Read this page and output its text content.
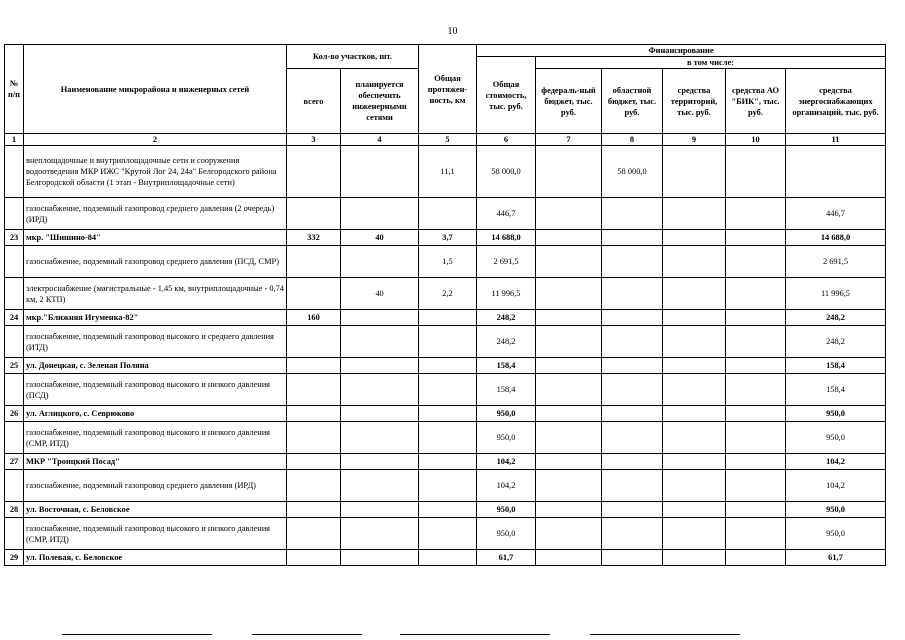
10
№ п/п	Наименование микрорайона и инженерных сетей	Кол-во участков, шт.		Общая протяжен-ность, км	Финансирование					
					Общая стоимость, тыс. руб.	в том числе:				
		всего	планируется обеспечить инженерными сетями			федераль-ный бюджет, тыс. руб.	областной бюджет, тыс. руб.	средства территорий, тыс. руб.	средства АО "БИК", тыс. руб.	средства энергоснабжающих организаций, тыс. руб.
1	2	3	4	5	6	7	8	9	10	11
	внеплощадочные и внутриплощадочные сети и сооружения водоотведения МКР ИЖС "Крутой Лог 24, 24а" Белгородского района Белгородской области (1 этап - Внутриплощадочные сети)			11,1	58 000,0		58 000,0			
	газоснабжение, подземный газопровод среднего давления (2 очередь) (ИРД)				446,7					446,7
23	мкр. "Шишино-84"	332	40	3,7	14 688,0					14 688,0
	газоснабжение, подземный газопровод среднего давления (ПСД, СМР)			1,5	2 691,5					2 691,5
	электроснабжение (магистральные - 1,45 км, внутриплощадочные - 0,74 км, 2 КТП)		40	2,2	11 996,5					11 996,5
24	мкр."Ближняя Игуменка-82"	160			248,2					248,2
	газоснабжение, подземный газопровод высокого и среднего давления (ИТД)				248,2					248,2
25	ул. Донецкая, с. Зеленая Поляна				158,4					158,4
	газоснабжение, подземный газопровод высокого и низкого давления (ПСД)				158,4					158,4
26	ул. Аглицкого, с. Севрюково				950,0					950,0
	газоснабжение, подземный газопровод высокого и низкого давления (СМР, ИТД)				950,0					950,0
27	МКР "Троицкий Посад"				104,2					104,2
	газоснабжение, подземный газопровод среднего давления (ИРД)				104,2					104,2
28	ул. Восточная, с. Беловское				950,0					950,0
	газоснабжение, подземный газопровод высокого и низкого давления (СМР, ИТД)				950,0					950,0
29	ул. Полевая, с. Беловское				61,7					61,7
